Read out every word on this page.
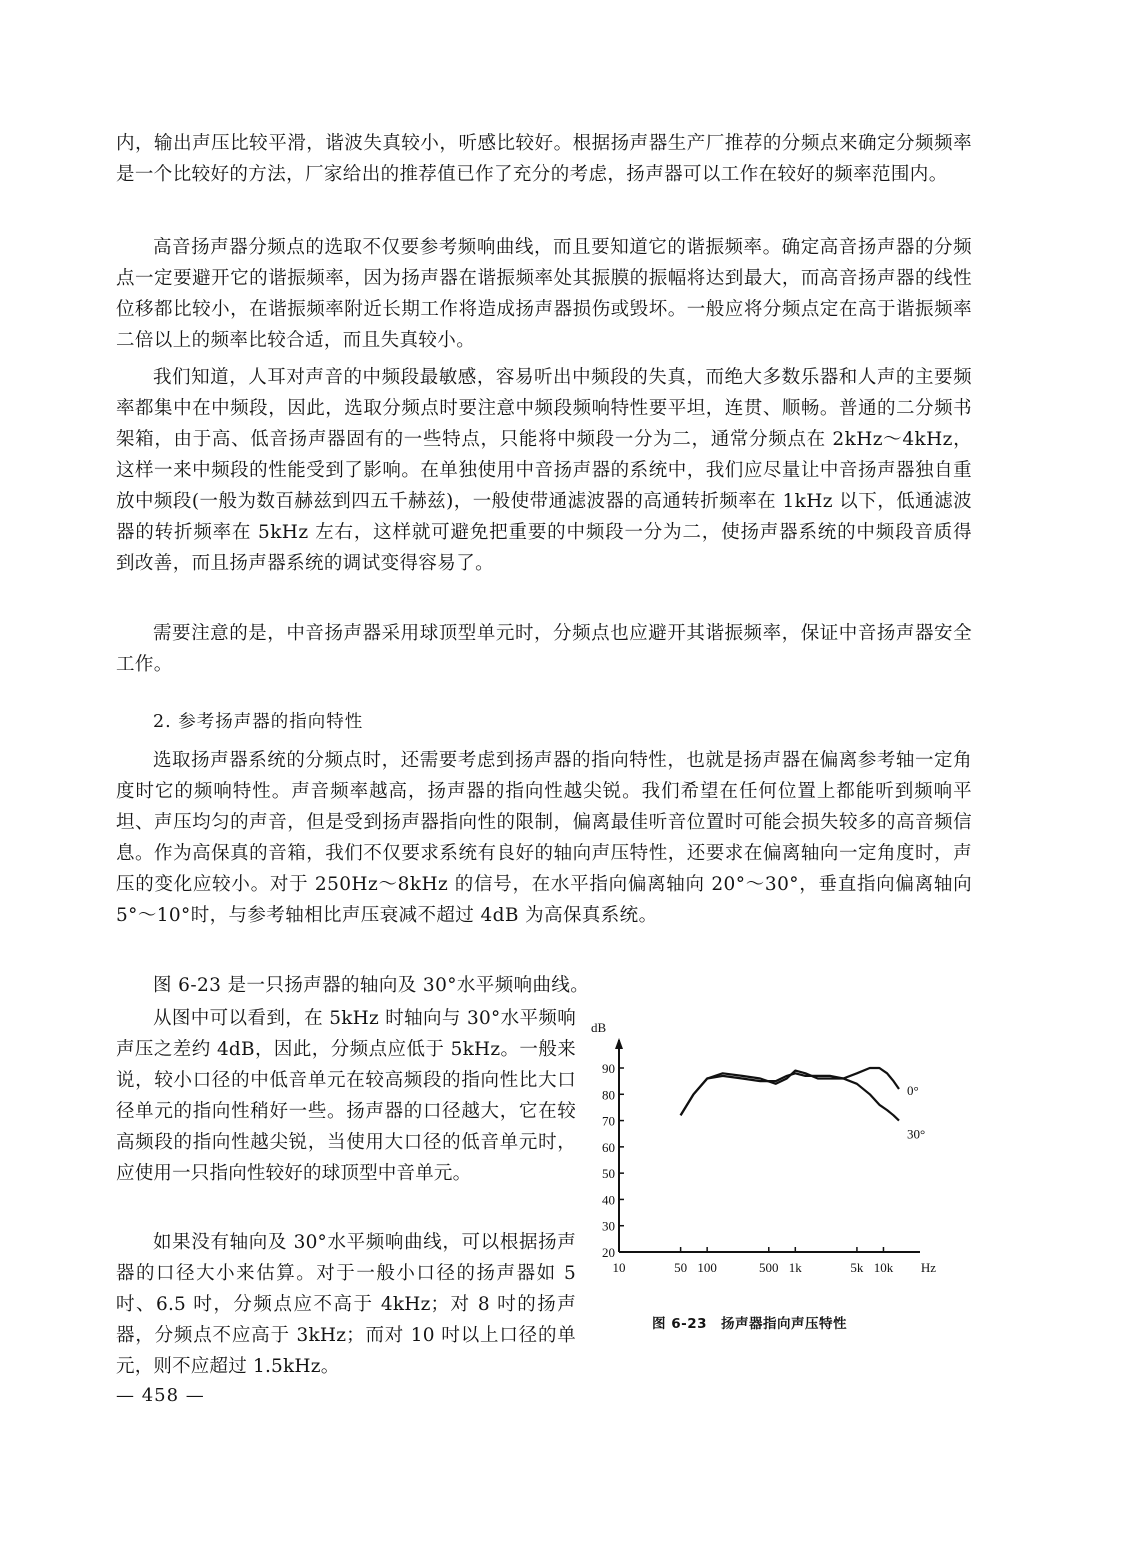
内，输出声压比较平滑，谐波失真较小，听感比较好。根据扬声器生产厂推荐的分频点来确定分频频率是一个比较好的方法，厂家给出的推荐值已作了充分的考虑，扬声器可以工作在较好的频率范围内。

高音扬声器分频点的选取不仅要参考频响曲线，而且要知道它的谐振频率。确定高音扬声器的分频点一定要避开它的谐振频率，因为扬声器在谐振频率处其振膜的振幅将达到最大，而高音扬声器的线性位移都比较小，在谐振频率附近长期工作将造成扬声器损伤或毁坏。一般应将分频点定在高于谐振频率二倍以上的频率比较合适，而且失真较小。

我们知道，人耳对声音的中频段最敏感，容易听出中频段的失真，而绝大多数乐器和人声的主要频率都集中在中频段，因此，选取分频点时要注意中频段频响特性要平坦，连贯、顺畅。普通的二分频书架箱，由于高、低音扬声器固有的一些特点，只能将中频段一分为二，通常分频点在 2kHz～4kHz，这样一来中频段的性能受到了影响。在单独使用中音扬声器的系统中，我们应尽量让中音扬声器独自重放中频段(一般为数百赫兹到四五千赫兹)，一般使带通滤波器的高通转折频率在 1kHz 以下，低通滤波器的转折频率在 5kHz 左右，这样就可避免把重要的中频段一分为二，使扬声器系统的中频段音质得到改善，而且扬声器系统的调试变得容易了。

需要注意的是，中音扬声器采用球顶型单元时，分频点也应避开其谐振频率，保证中音扬声器安全工作。

2. 参考扬声器的指向特性

选取扬声器系统的分频点时，还需要考虑到扬声器的指向特性，也就是扬声器在偏离参考轴一定角度时它的频响特性。声音频率越高，扬声器的指向性越尖锐。我们希望在任何位置上都能听到频响平坦、声压均匀的声音，但是受到扬声器指向性的限制，偏离最佳听音位置时可能会损失较多的高音频信息。作为高保真的音箱，我们不仅要求系统有良好的轴向声压特性，还要求在偏离轴向一定角度时，声压的变化应较小。对于 250Hz～8kHz 的信号，在水平指向偏离轴向 20°～30°，垂直指向偏离轴向 5°～10°时，与参考轴相比声压衰减不超过 4dB 为高保真系统。

图 6-23 是一只扬声器的轴向及 30°水平频响曲线。

从图中可以看到，在 5kHz 时轴向与 30°水平频响声压之差约 4dB，因此，分频点应低于 5kHz。一般来说，较小口径的中低音单元在较高频段的指向性比大口径单元的指向性稍好一些。扬声器的口径越大，它在较高频段的指向性越尖锐，当使用大口径的低音单元时，应使用一只指向性较好的球顶型中音单元。

如果没有轴向及 30°水平频响曲线，可以根据扬声器的口径大小来估算。对于一般小口径的扬声器如 5 吋、6.5 吋，分频点应不高于 4kHz；对 8 吋的扬声器，分频点不应高于 3kHz；而对 10 吋以上口径的单元，则不应超过 1.5kHz。

20
30
40
50
60
70
80
90
10	50 100	500 1k	5k 10k
0°
30°
dB
Hz

图 6-23　扬声器指向声压特性

— 458 —
